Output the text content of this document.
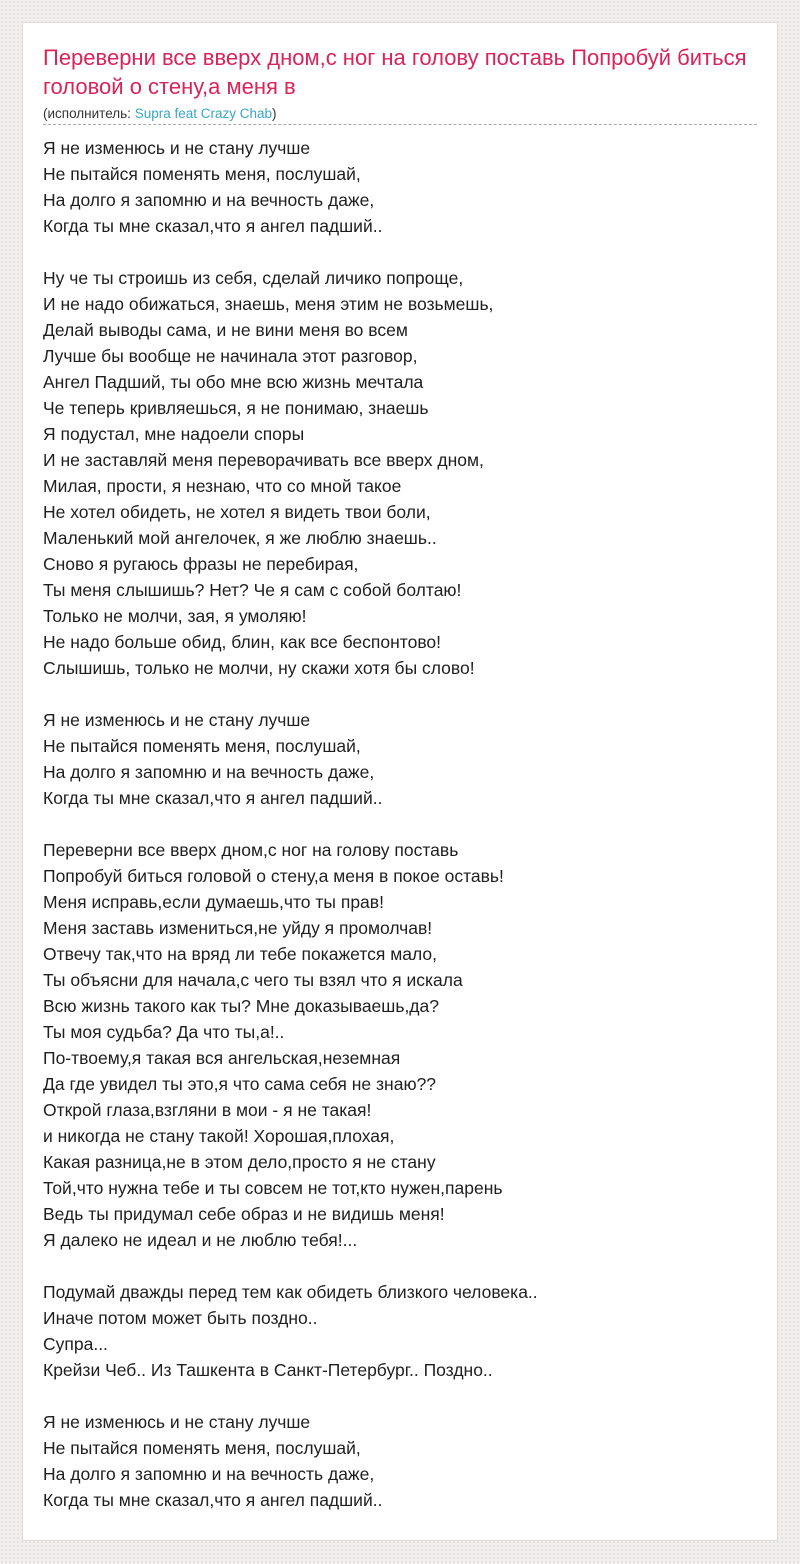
Переверни все вверх дном,с ног на голову поставь Попробуй биться головой о стену,а меня в
(исполнитель: Supra feat Crazy Chab)
Я не изменюсь и не стану лучше
Не пытайся поменять меня, послушай,
На долго я запомню и на вечность даже,
Когда ты мне сказал,что я ангел падший..
Ну че ты строишь из себя, сделай личико попроще,
И не надо обижаться, знаешь, меня этим не возьмешь,
Делай выводы сама, и не вини меня во всем
Лучше бы вообще не начинала этот разговор,
Ангел Падший, ты обо мне всю жизнь мечтала
Че теперь кривляешься, я не понимаю, знаешь
Я подустал, мне надоели споры
И не заставляй меня переворачивать все вверх дном,
Милая, прости, я незнаю, что со мной такое
Не хотел обидеть, не хотел я видеть твои боли,
Маленький мой ангелочек, я же люблю знаешь..
Сново я ругаюсь фразы не перебирая,
Ты меня слышишь? Нет? Че я сам с собой болтаю!
Только не молчи, зая, я умоляю!
Не надо больше обид, блин, как все беспонтово!
Слышишь, только не молчи, ну скажи хотя бы слово!
Я не изменюсь и не стану лучше
Не пытайся поменять меня, послушай,
На долго я запомню и на вечность даже,
Когда ты мне сказал,что я ангел падший..
Переверни все вверх дном,с ног на голову поставь
Попробуй биться головой о стену,а меня в покое оставь!
Меня исправь,если думаешь,что ты прав!
Меня заставь измениться,не уйду я промолчав!
Отвечу так,что на вряд ли тебе покажется мало,
Ты объясни для начала,с чего ты взял что я искала
Всю жизнь такого как ты? Мне доказываешь,да?
Ты моя судьба? Да что ты,а!..
По-твоему,я такая вся ангельская,неземная
Да где увидел ты это,я что сама себя не знаю??
Открой глаза,взгляни в мои - я не такая!
и никогда не стану такой! Хорошая,плохая,
Какая разница,не в этом дело,просто я не стану
Той,что нужна тебе и ты совсем не тот,кто нужен,парень
Ведь ты придумал себе образ и не видишь меня!
Я далеко не идеал и не люблю тебя!...
Подумай дважды перед тем как обидеть близкого человека..
Иначе потом может быть поздно..
Супра...
Крейзи Чеб.. Из Ташкента в Санкт-Петербург.. Поздно..
Я не изменюсь и не стану лучше
Не пытайся поменять меня, послушай,
На долго я запомню и на вечность даже,
Когда ты мне сказал,что я ангел падший..
